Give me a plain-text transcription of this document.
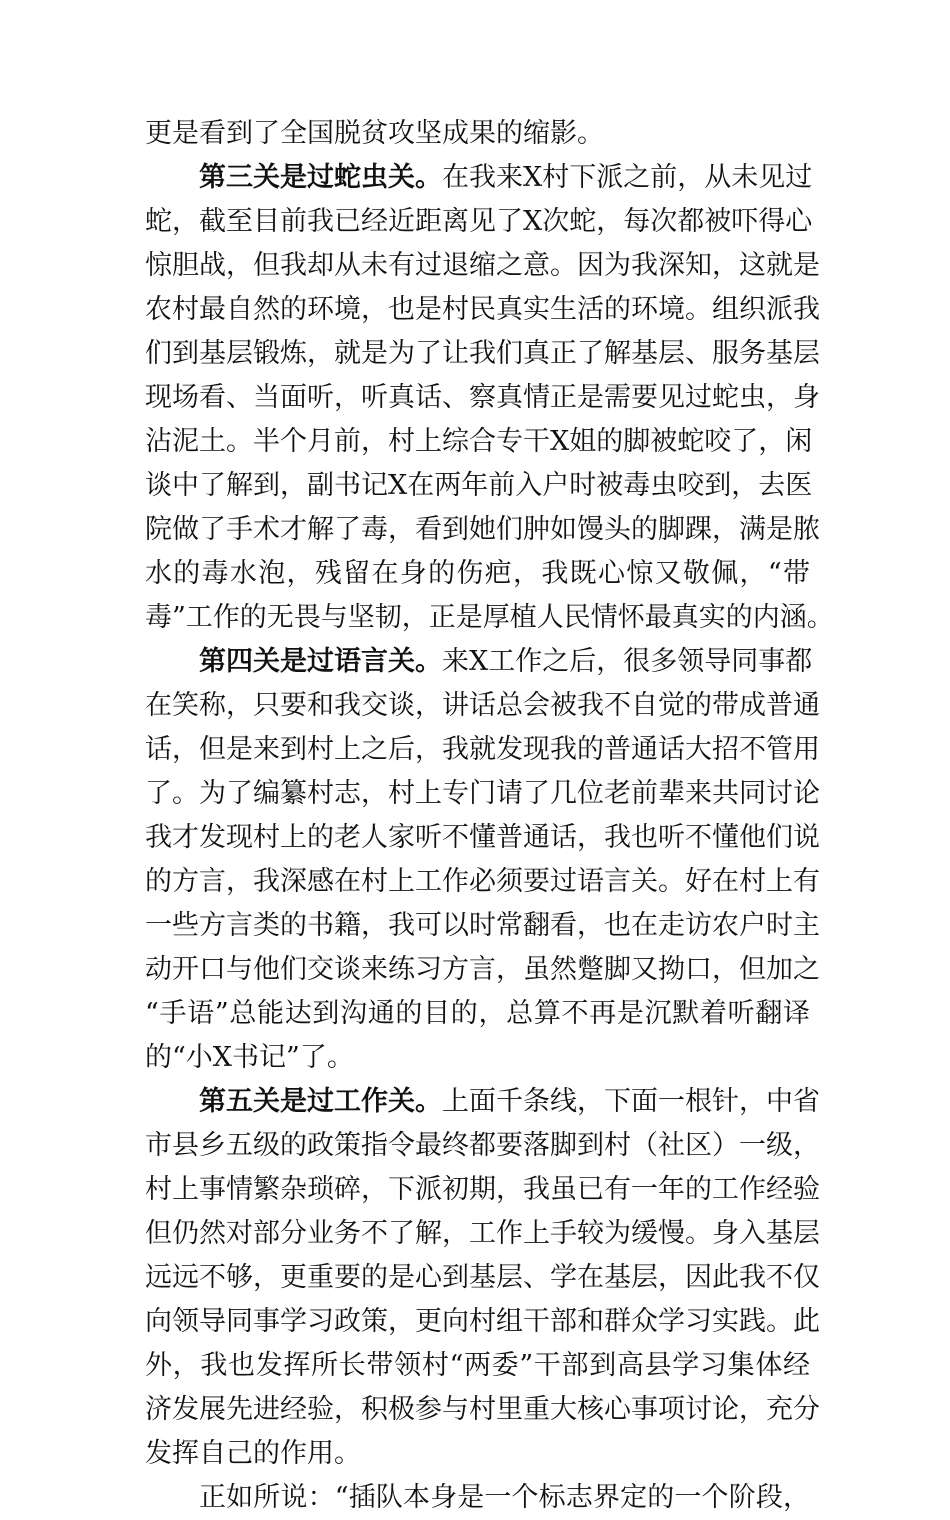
更是看到了全国脱贫攻坚成果的缩影。
第三关是过蛇虫关。在我来X村下派之前，从未见过
蛇，截至目前我已经近距离见了X次蛇，每次都被吓得心
惊胆战，但我却从未有过退缩之意。因为我深知，这就是
农村最自然的环境，也是村民真实生活的环境。组织派我
们到基层锻炼，就是为了让我们真正了解基层、服务基层
现场看、当面听，听真话、察真情正是需要见过蛇虫，身
沾泥土。半个月前，村上综合专干X姐的脚被蛇咬了，闲
谈中了解到，副书记X在两年前入户时被毒虫咬到，去医
院做了手术才解了毒，看到她们肿如馒头的脚踝，满是脓
水的毒水泡，残留在身的伤疤，我既心惊又敬佩，“带
毒”工作的无畏与坚韧，正是厚植人民情怀最真实的内涵。
第四关是过语言关。来X工作之后，很多领导同事都
在笑称，只要和我交谈，讲话总会被我不自觉的带成普通
话，但是来到村上之后，我就发现我的普通话大招不管用
了。为了编纂村志，村上专门请了几位老前辈来共同讨论
我才发现村上的老人家听不懂普通话，我也听不懂他们说
的方言，我深感在村上工作必须要过语言关。好在村上有
一些方言类的书籍，我可以时常翻看，也在走访农户时主
动开口与他们交谈来练习方言，虽然蹩脚又拗口，但加之
“手语”总能达到沟通的目的，总算不再是沉默着听翻译
的“小X书记”了。
第五关是过工作关。上面千条线，下面一根针，中省
市县乡五级的政策指令最终都要落脚到村（社区）一级，
村上事情繁杂琐碎，下派初期，我虽已有一年的工作经验
但仍然对部分业务不了解，工作上手较为缓慢。身入基层
远远不够，更重要的是心到基层、学在基层，因此我不仅
向领导同事学习政策，更向村组干部和群众学习实践。此
外，我也发挥所长带领村“两委”干部到高县学习集体经
济发展先进经验，积极参与村里重大核心事项讨论，充分
发挥自己的作用。
正如所说：“插队本身是一个标志界定的一个阶段，
